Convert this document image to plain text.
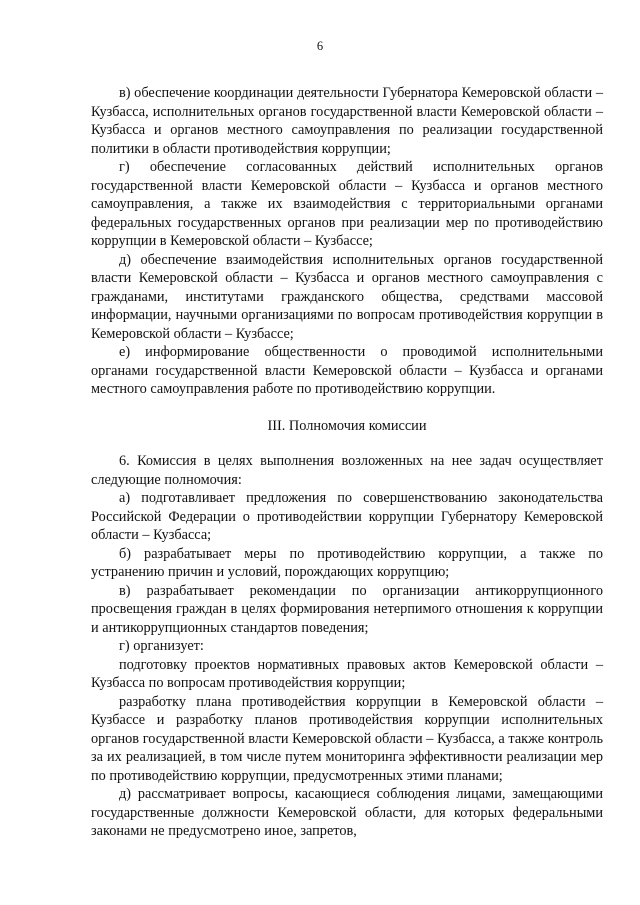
6

в) обеспечение координации деятельности Губернатора Кемеровской области – Кузбасса, исполнительных органов государственной власти Кемеровской области – Кузбасса и органов местного самоуправления по реализации государственной политики в области противодействия коррупции;

г) обеспечение согласованных действий исполнительных органов государственной власти Кемеровской области – Кузбасса и органов местного самоуправления, а также их взаимодействия с территориальными органами федеральных государственных органов при реализации мер по противодействию коррупции в Кемеровской области – Кузбассе;

д) обеспечение взаимодействия исполнительных органов государственной власти Кемеровской области – Кузбасса и органов местного самоуправления с гражданами, институтами гражданского общества, средствами массовой информации, научными организациями по вопросам противодействия коррупции в Кемеровской области – Кузбассе;

е) информирование общественности о проводимой исполнительными органами государственной власти Кемеровской области – Кузбасса и органами местного самоуправления работе по противодействию коррупции.

III. Полномочия комиссии

6. Комиссия в целях выполнения возложенных на нее задач осуществляет следующие полномочия:

а) подготавливает предложения по совершенствованию законодательства Российской Федерации о противодействии коррупции Губернатору Кемеровской области – Кузбасса;

б) разрабатывает меры по противодействию коррупции, а также по устранению причин и условий, порождающих коррупцию;

в) разрабатывает рекомендации по организации антикоррупционного просвещения граждан в целях формирования нетерпимого отношения к коррупции и антикоррупционных стандартов поведения;

г) организует:

подготовку проектов нормативных правовых актов Кемеровской области – Кузбасса по вопросам противодействия коррупции;

разработку плана противодействия коррупции в Кемеровской области – Кузбассе и разработку планов противодействия коррупции исполнительных органов государственной власти Кемеровской области – Кузбасса, а также контроль за их реализацией, в том числе путем мониторинга эффективности реализации мер по противодействию коррупции, предусмотренных этими планами;

д) рассматривает вопросы, касающиеся соблюдения лицами, замещающими государственные должности Кемеровской области, для которых федеральными законами не предусмотрено иное, запретов,
